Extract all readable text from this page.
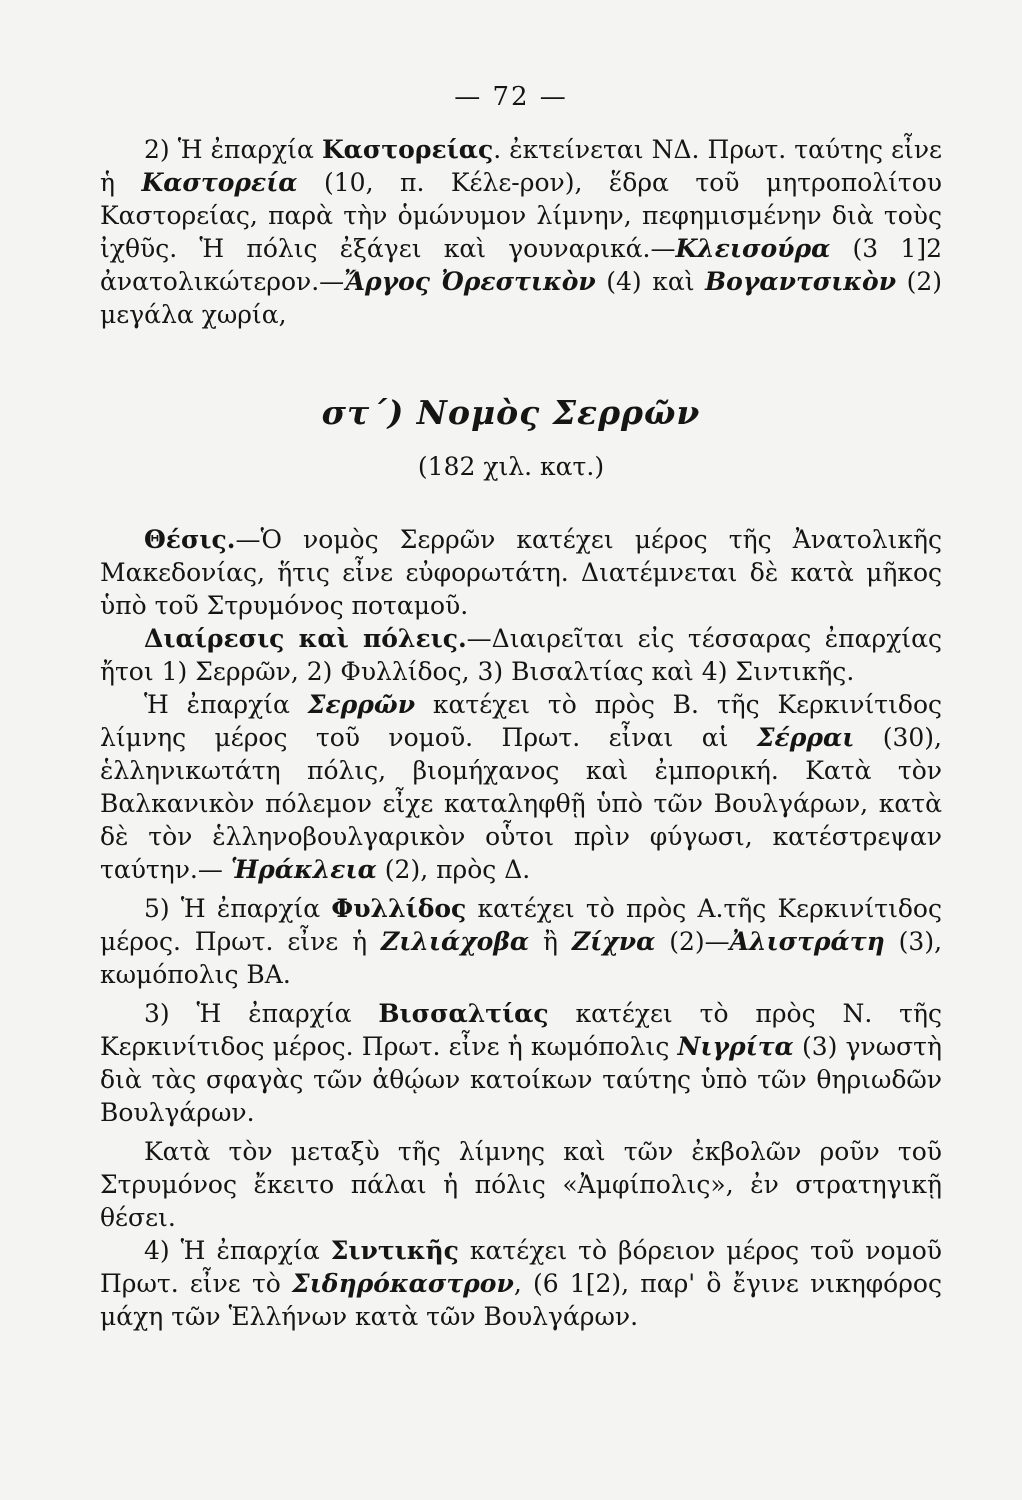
— 72 —

2) Ἡ ἐπαρχία Καστορείας. ἐκτείνεται ΝΔ. Πρωτ. ταύτης εἶνε ἡ Καστορεία (10, π. Κέλε-ρον), ἕδρα τοῦ μητροπολίτου Καστορείας, παρὰ τὴν ὁμώνυμον λίμνην, πεφημισμένην διὰ τοὺς ἰχθῦς. Ἡ πόλις ἐξάγει καὶ γουναρικά.—Κλεισούρα (3 1]2 ἀνατολικώτερον.—Ἄργος Ὀρεστικὸν (4) καὶ Βογαντσικὸν (2) μεγάλα χωρία,

στ΄) Νομὸς Σερρῶν
(182 χιλ. κατ.)

Θέσις.—Ὁ νομὸς Σερρῶν κατέχει μέρος τῆς Ἀνατολικῆς Μακεδονίας, ἥτις εἶνε εὐφορωτάτη. Διατέμνεται δὲ κατὰ μῆκος ὑπὸ τοῦ Στρυμόνος ποταμοῦ.

Διαίρεσις καὶ πόλεις.—Διαιρεῖται εἰς τέσσαρας ἐπαρχίας ἤτοι 1) Σερρῶν, 2) Φυλλίδος, 3) Βισαλτίας καὶ 4) Σιντικῆς.

Ἡ ἐπαρχία Σερρῶν κατέχει τὸ πρὸς Β. τῆς Κερκινίτιδος λίμνης μέρος τοῦ νομοῦ. Πρωτ. εἶναι αἱ Σέρραι (30), ἑλληνικωτάτη πόλις, βιομήχανος καὶ ἐμπορική. Κατὰ τὸν Βαλκανικὸν πόλεμον εἶχε καταληφθῇ ὑπὸ τῶν Βουλγάρων, κατὰ δὲ τὸν ἑλληνοβουλγαρικὸν οὗτοι πρὶν φύγωσι, κατέστρεψαν ταύτην.— Ἡράκλεια (2), πρὸς Δ.

5) Ἡ ἐπαρχία Φυλλίδος κατέχει τὸ πρὸς Α.τῆς Κερκινίτιδος μέρος. Πρωτ. εἶνε ἡ Ζιλιάχοβα ἢ Ζίχνα (2)—Ἀλιστράτη (3), κωμόπολις ΒΑ.

3) Ἡ ἐπαρχία Βισσαλτίας κατέχει τὸ πρὸς Ν. τῆς Κερκινίτιδος μέρος. Πρωτ. εἶνε ἡ κωμόπολις Νιγρίτα (3) γνωστὴ διὰ τὰς σφαγὰς τῶν ἀθῴων κατοίκων ταύτης ὑπὸ τῶν θηριωδῶν Βουλγάρων.

Κατὰ τὸν μεταξὺ τῆς λίμνης καὶ τῶν ἐκβολῶν ροῦν τοῦ Στρυμόνος ἔκειτο πάλαι ἡ πόλις «Ἀμφίπολις», ἐν στρατηγικῇ θέσει.

4) Ἡ ἐπαρχία Σιντικῆς κατέχει τὸ βόρειον μέρος τοῦ νομοῦ Πρωτ. εἶνε τὸ Σιδηρόκαστρον, (6 1[2), παρ' ὃ ἔγινε νικηφόρος μάχη τῶν Ἑλλήνων κατὰ τῶν Βουλγάρων.
